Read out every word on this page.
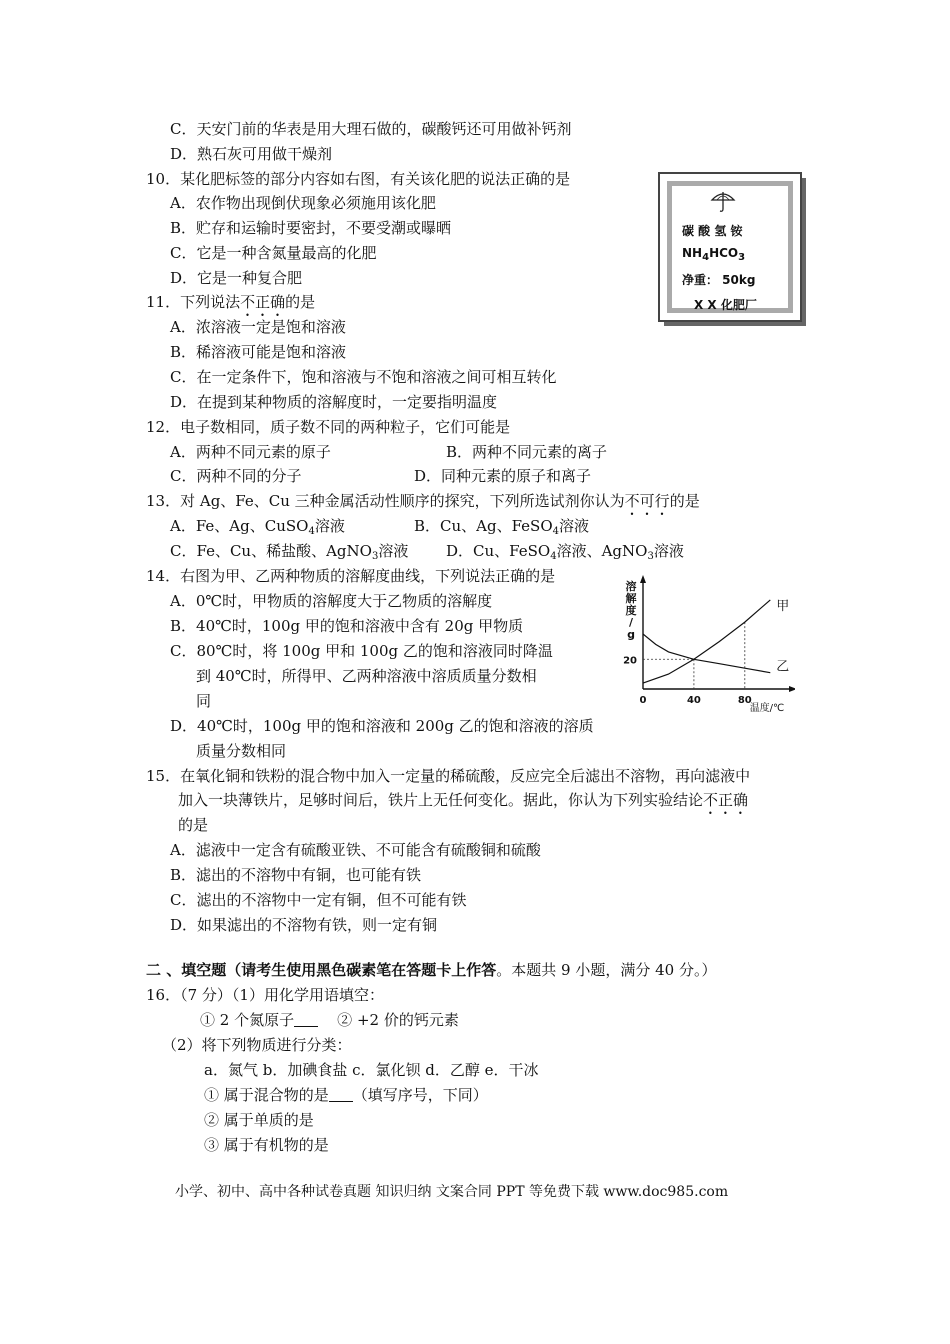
C．天安门前的华表是用大理石做的，碳酸钙还可用做补钙剂
D．熟石灰可用做干燥剂
10．某化肥标签的部分内容如右图，有关该化肥的说法正确的是
A．农作物出现倒伏现象必须施用该化肥
B．贮存和运输时要密封，不要受潮或曝晒
C．它是一种含氮量最高的化肥
D．它是一种复合肥
碳 酸 氢 铵
$NH_4HCO_3$
净重： 50kg
X X 化肥厂
11．下列说法不正确的是
A．浓溶液一定是饱和溶液
B．稀溶液可能是饱和溶液
C．在一定条件下，饱和溶液与不饱和溶液之间可相互转化
D．在提到某种物质的溶解度时，一定要指明温度
12．电子数相同，质子数不同的两种粒子，它们可能是
A．两种不同元素的原子	B．两种不同元素的离子
C．两种不同的分子	D．同种元素的原子和离子
13．对 Ag、Fe、Cu 三种金属活动性顺序的探究，下列所选试剂你认为不可行的是
A．Fe、Ag、CuSO$_4$溶液	B．Cu、Ag、FeSO$_4$溶液
C．Fe、Cu、稀盐酸、AgNO$_3$溶液	D．Cu、FeSO$_4$溶液、AgNO$_3$溶液
14．右图为甲、乙两种物质的溶解度曲线，下列说法正确的是
A．0℃时，甲物质的溶解度大于乙物质的溶解度
B．40℃时，100g 甲的饱和溶液中含有 20g 甲物质
C．80℃时，将 100g 甲和 100g 乙的饱和溶液同时降温
到 40℃时，所得甲、乙两种溶液中溶质质量分数相
同
D．40℃时，100g 甲的饱和溶液和 200g 乙的饱和溶液的溶质
质量分数相同
甲
乙
0	40	80
20
溶
解
度
/
g
温度/℃
15．在氧化铜和铁粉的混合物中加入一定量的稀硫酸，反应完全后滤出不溶物，再向滤液中
加入一块薄铁片，足够时间后，铁片上无任何变化。据此，你认为下列实验结论不正确
的是
A．滤液中一定含有硫酸亚铁、不可能含有硫酸铜和硫酸
B．滤出的不溶物中有铜，也可能有铁
C．滤出的不溶物中一定有铜，但不可能有铁
D．如果滤出的不溶物有铁，则一定有铜
二 、填空题（请考生使用黑色碳素笔在答题卡上作答。本题共 9 小题，满分 40 分。）
16．（7 分）（1）用化学用语填空：
① 2 个氮原子	② +2 价的钙元素
（2）将下列物质进行分类：
a．氮气 b．加碘食盐 c．氯化钡 d．乙醇 e．干冰
① 属于混合物的是 （填写序号，下同）
② 属于单质的是
③ 属于有机物的是
小学、初中、高中各种试卷真题 知识归纳 文案合同 PPT 等免费下载 www.doc985.com
